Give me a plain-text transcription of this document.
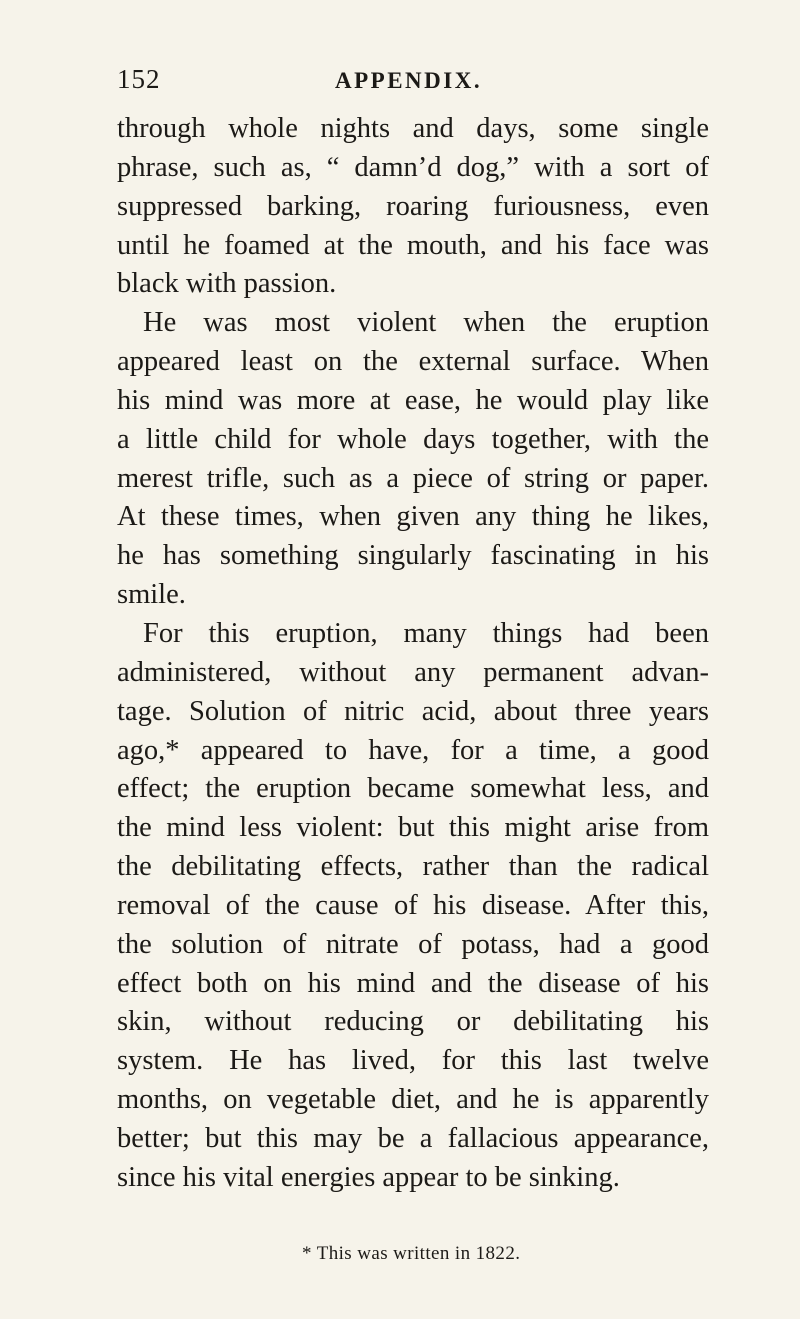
152	APPENDIX.
through whole nights and days, some single
phrase, such as, “ damn’d dog,” with a sort of
suppressed barking, roaring furiousness, even
until he foamed at the mouth, and his face was
black with passion.
He was most violent when the eruption
appeared least on the external surface. When
his mind was more at ease, he would play like
a little child for whole days together, with the
merest trifle, such as a piece of string or paper.
At these times, when given any thing he likes,
he has something singularly fascinating in his
smile.
For this eruption, many things had been
administered, without any permanent advan-
tage. Solution of nitric acid, about three years
ago,* appeared to have, for a time, a good
effect; the eruption became somewhat less, and
the mind less violent: but this might arise from
the debilitating effects, rather than the radical
removal of the cause of his disease. After this,
the solution of nitrate of potass, had a good
effect both on his mind and the disease of his
skin, without reducing or debilitating his
system. He has lived, for this last twelve
months, on vegetable diet, and he is apparently
better; but this may be a fallacious appearance,
since his vital energies appear to be sinking.
* This was written in 1822.
